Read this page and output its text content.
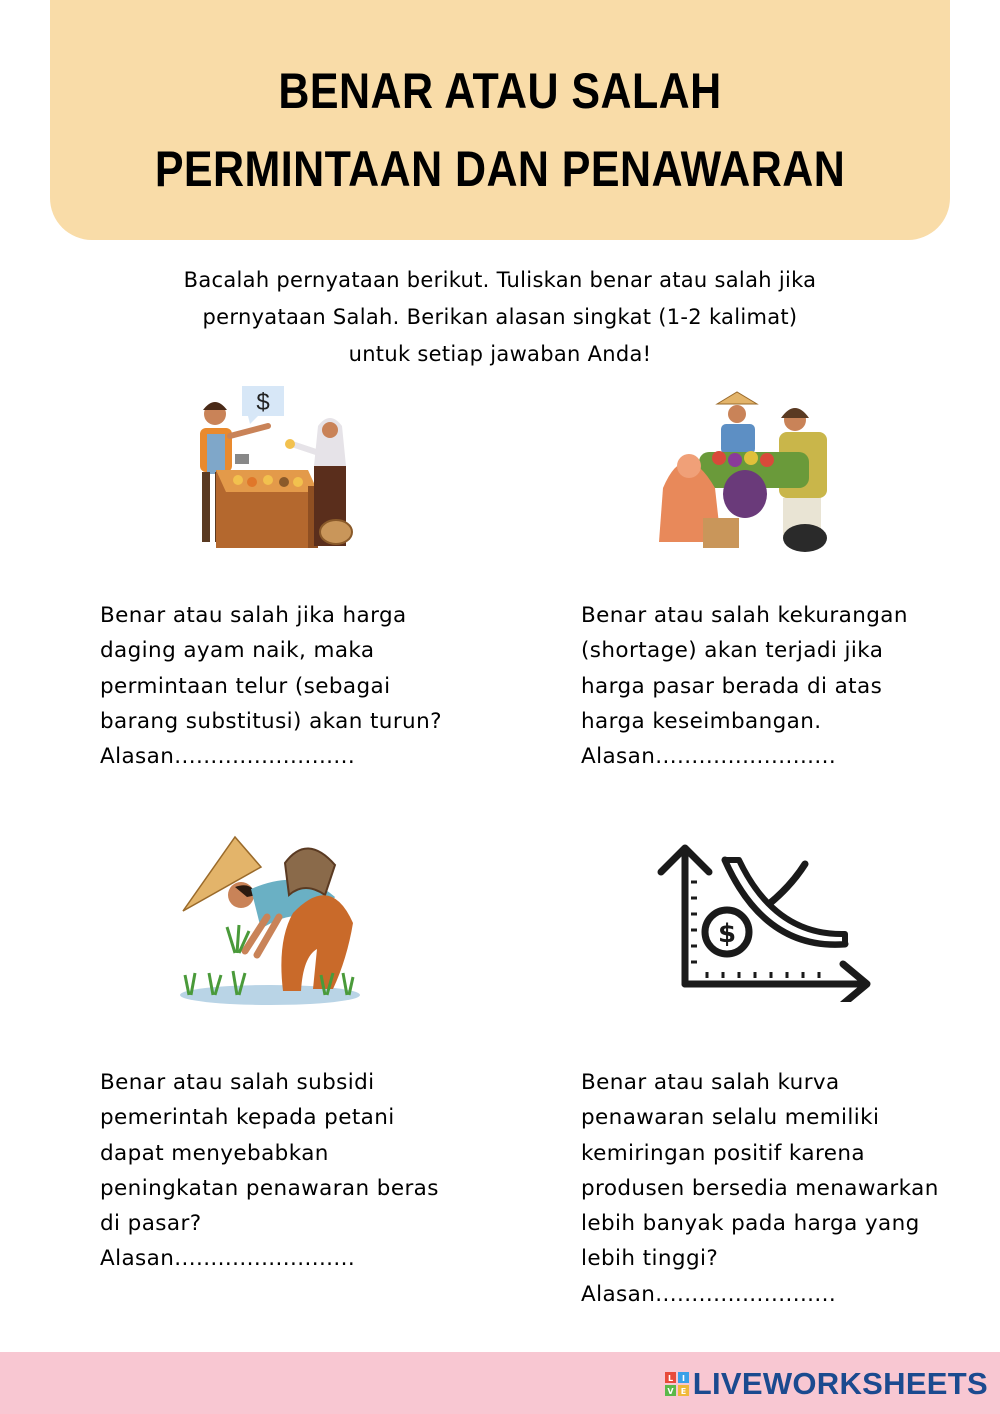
BENAR ATAU SALAH
PERMINTAAN DAN PENAWARAN
Bacalah pernyataan berikut. Tuliskan benar atau salah jika
pernyataan Salah. Berikan alasan singkat (1-2 kalimat)
untuk setiap jawaban Anda!
$
$
Benar atau salah jika harga
daging ayam naik, maka
permintaan telur (sebagai
barang substitusi) akan turun?
Alasan.........................
Benar atau salah kekurangan
(shortage) akan terjadi jika
harga pasar berada di atas
harga keseimbangan.
Alasan.........................
Benar atau salah subsidi
pemerintah kepada petani
dapat menyebabkan
peningkatan penawaran beras
di pasar?
Alasan.........................
Benar atau salah kurva
penawaran selalu memiliki
kemiringan positif karena
produsen bersedia menawarkan
lebih banyak pada harga yang
lebih tinggi?
Alasan.........................
L I
V E LIVEWORKSHEETS
